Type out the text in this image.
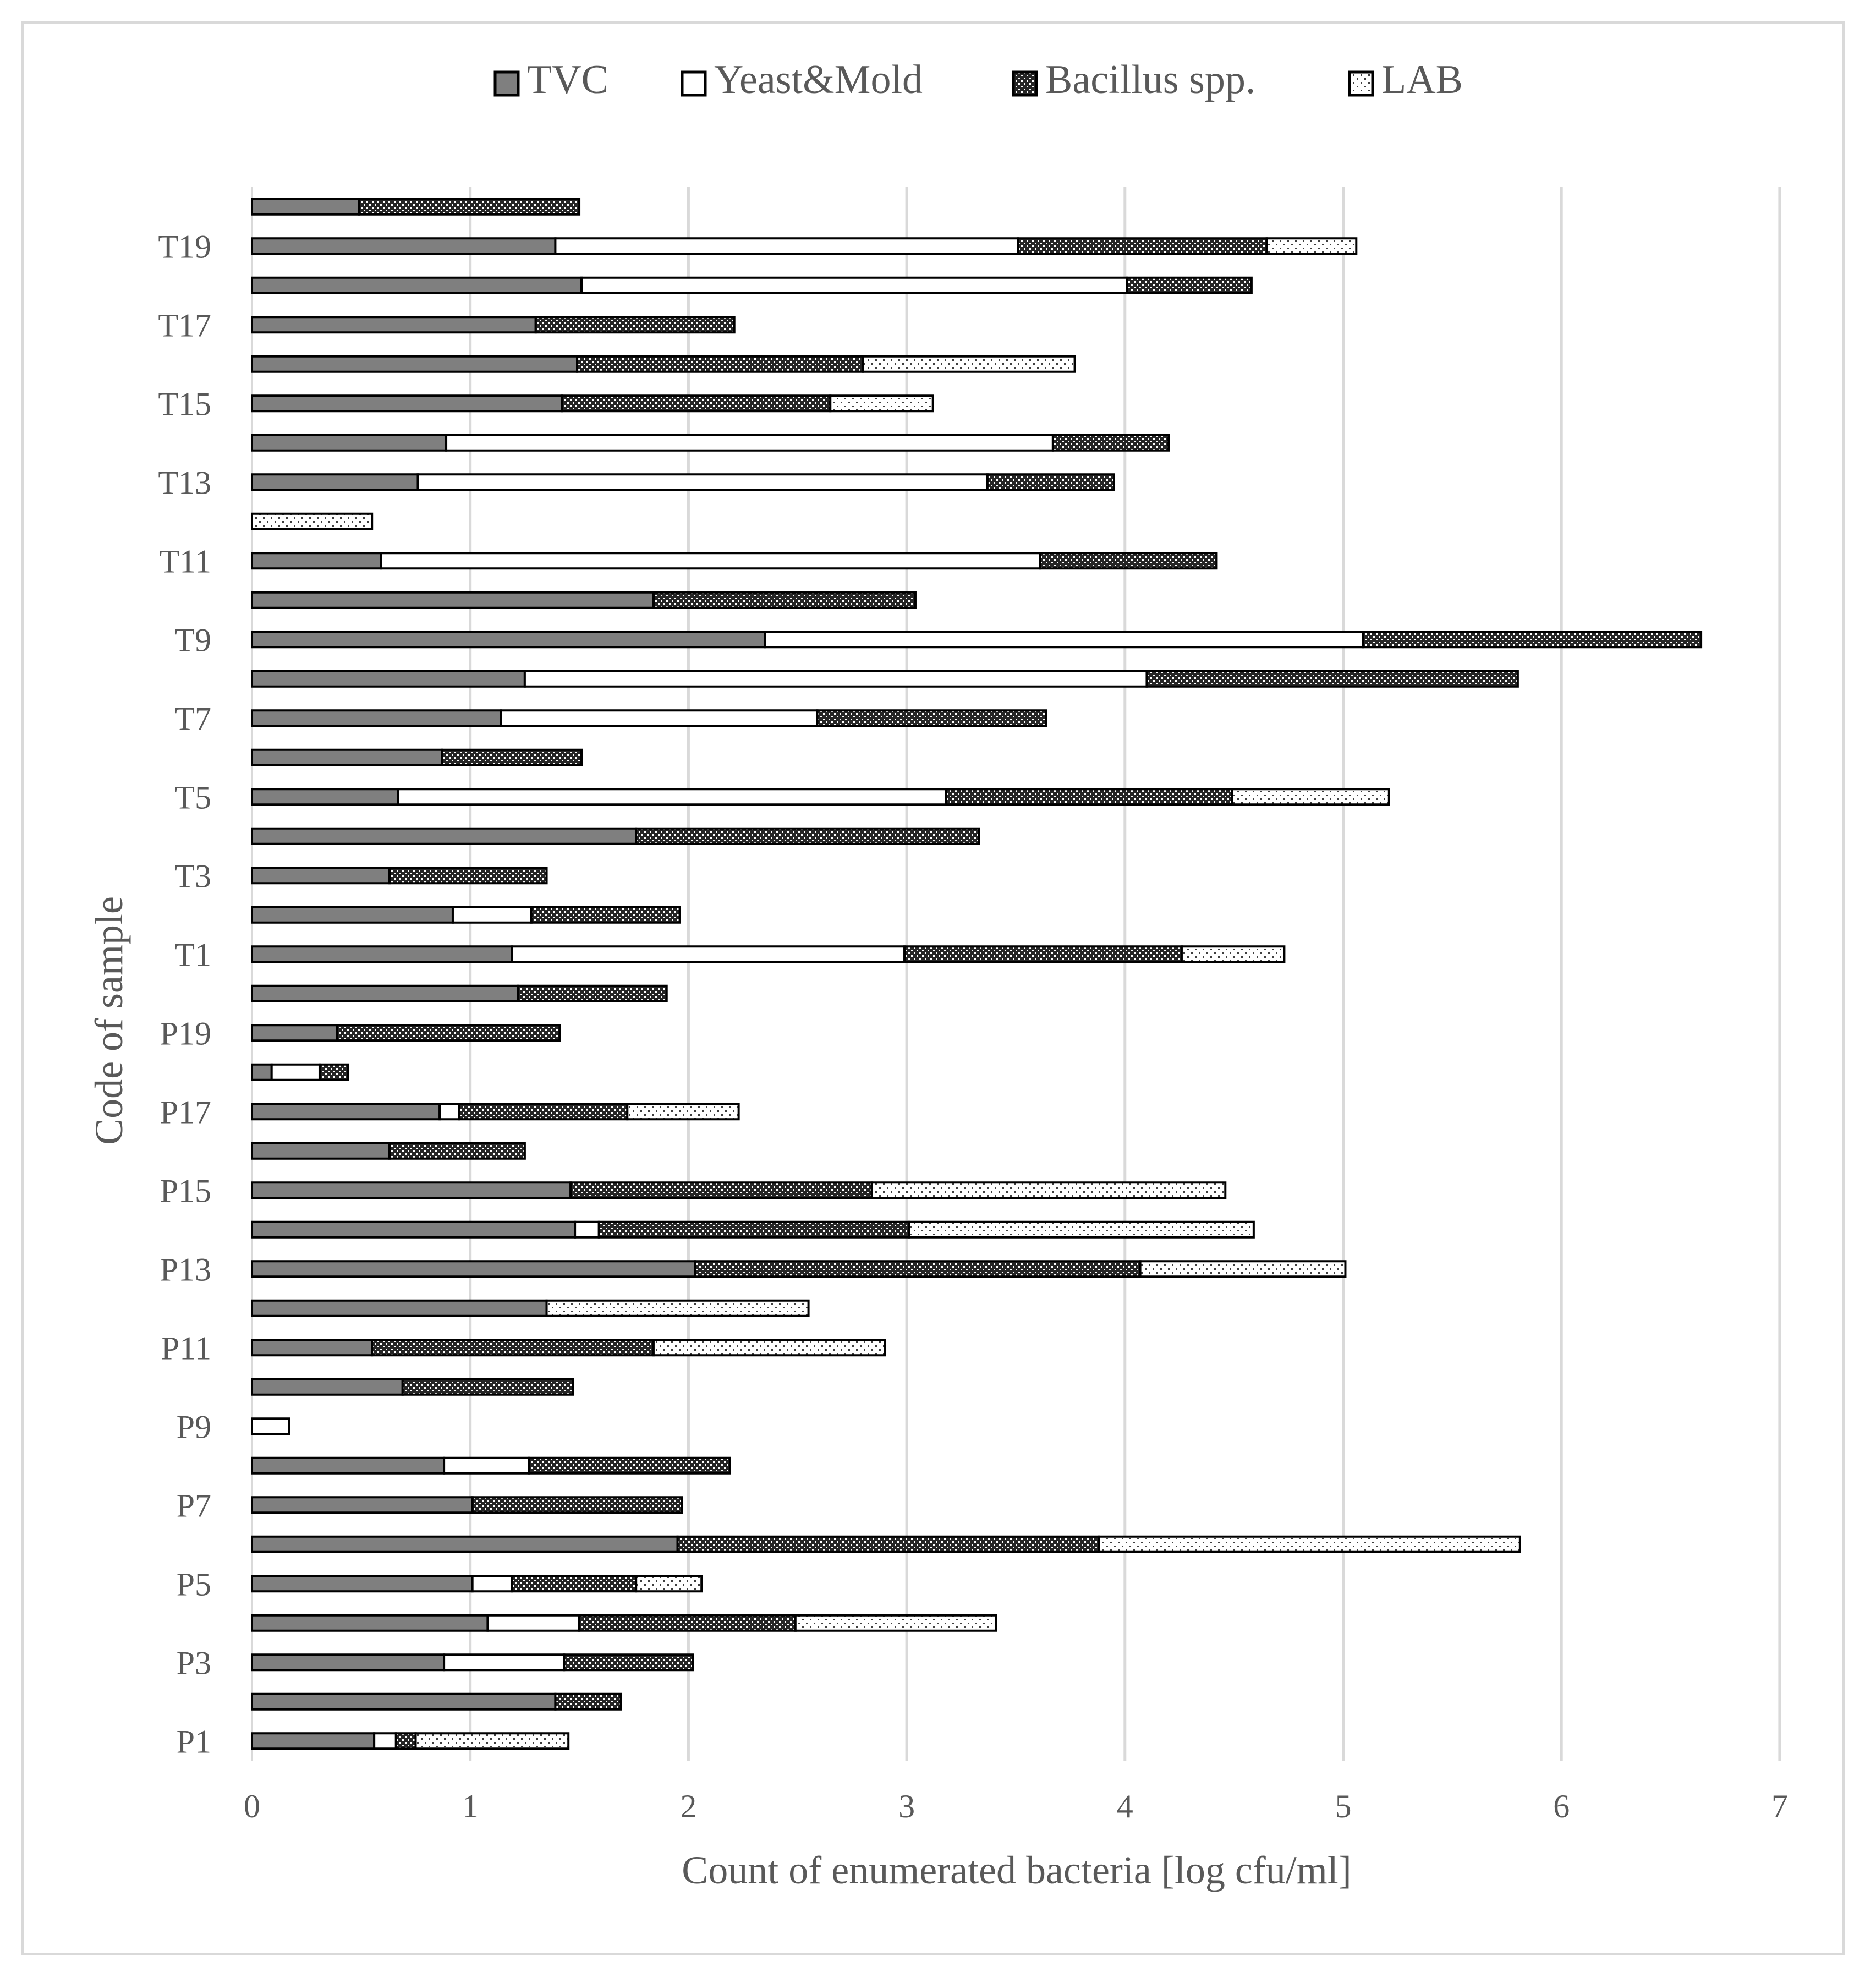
TVC	Yeast&Mold	Bacillus spp.	LAB
0	1	2	3	4	5	6	7
P1
P3
P5
P7
P9
P11
P13
P15
P17
P19
T1
T3
T5
T7
T9
T11
T13
T15
T17
T19
Count of enumerated bacteria [log cfu/ml]
Code of sample
